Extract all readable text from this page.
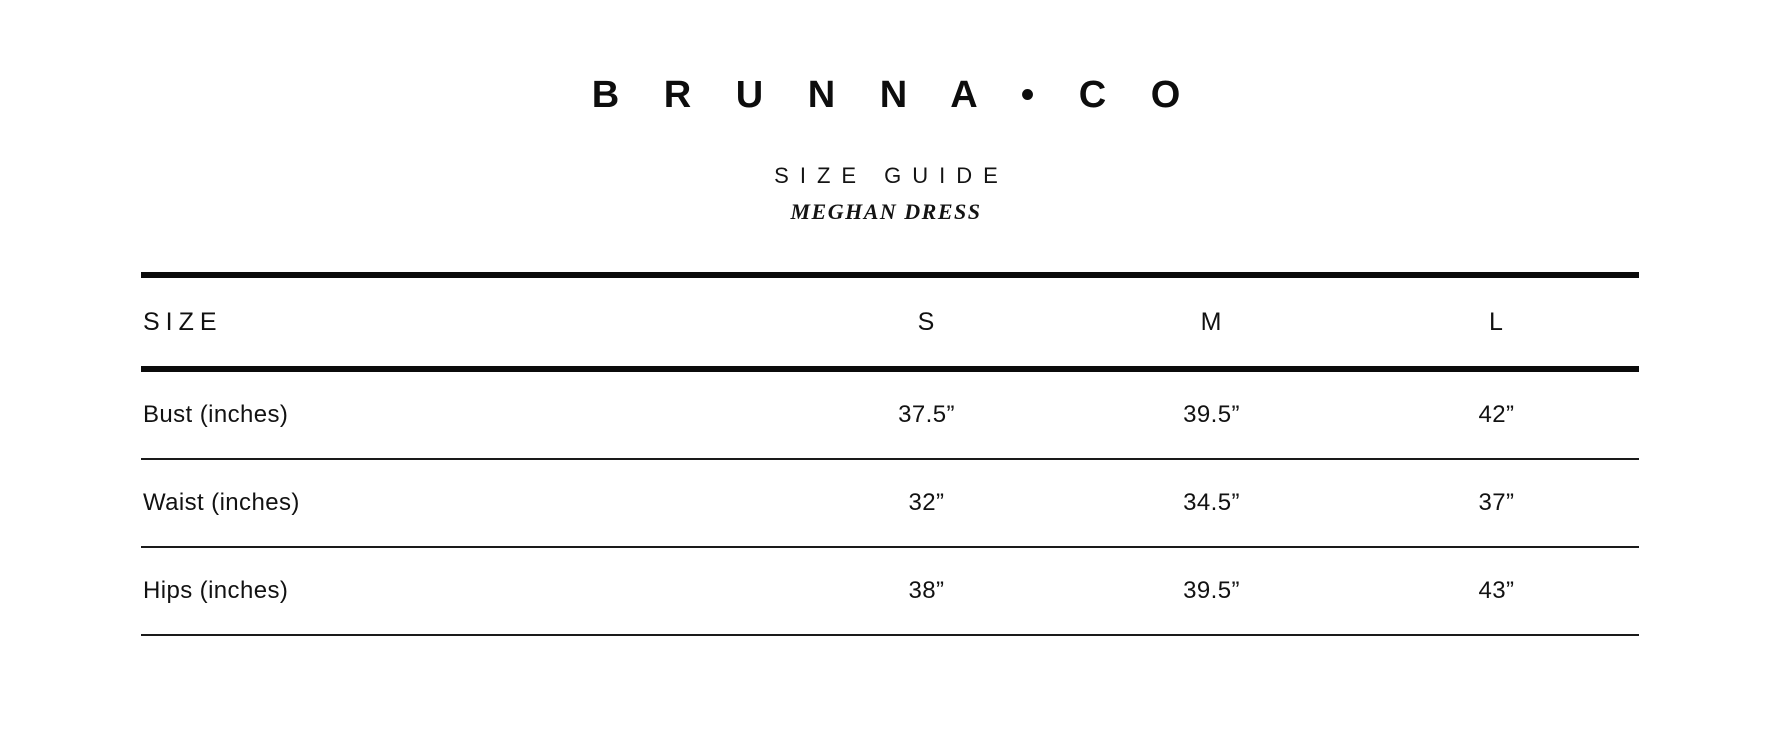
B R U N N A • C O
SIZE GUIDE
MEGHAN DRESS
SIZE	S	M	L
Bust (inches)	37.5”	39.5”	42”
Waist (inches)	32”	34.5”	37”
Hips (inches)	38”	39.5”	43”
